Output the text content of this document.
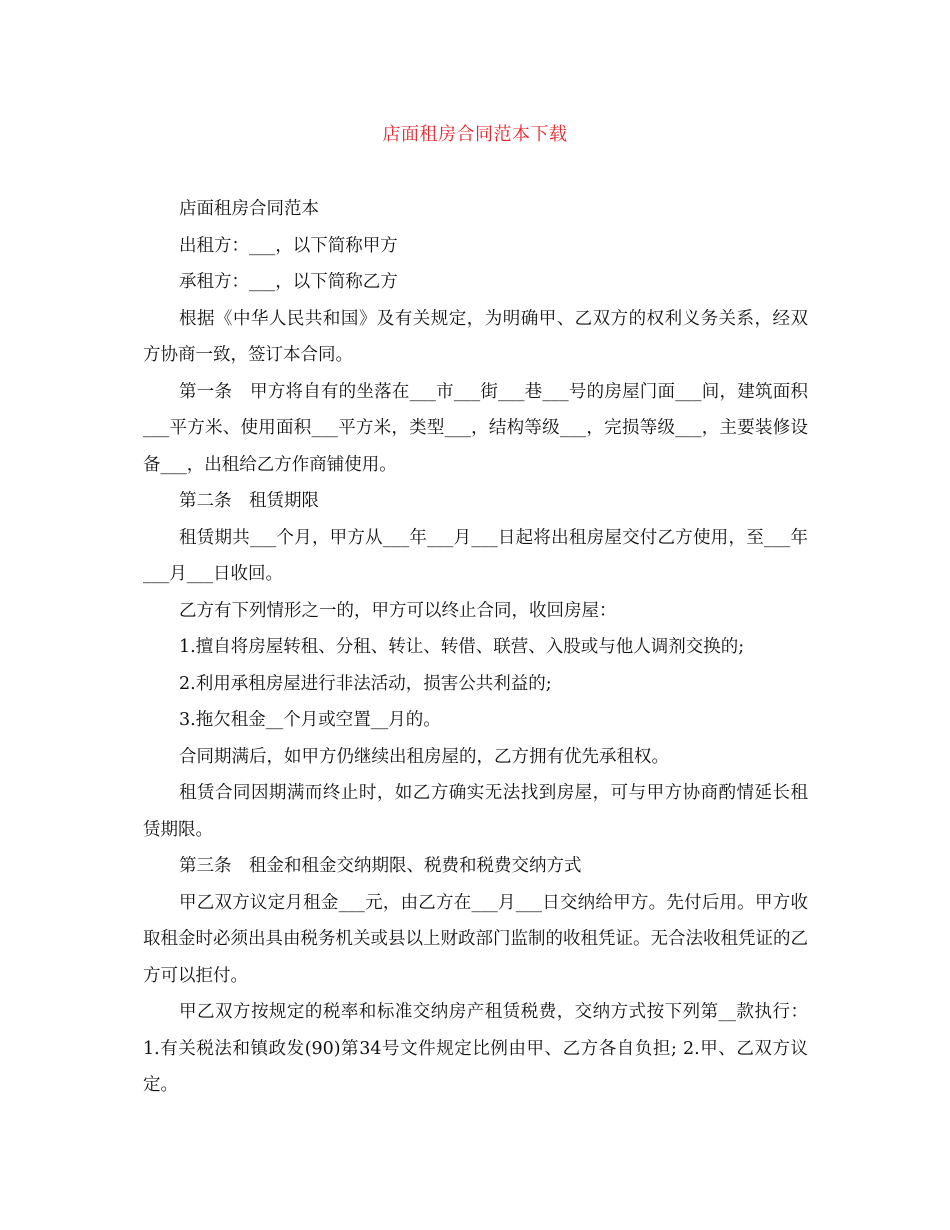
店面租房合同范本下载

店面租房合同范本

出租方：___，以下简称甲方

承租方：___，以下简称乙方

根据《中华人民共和国》及有关规定，为明确甲、乙双方的权利义务关系，经双方协商一致，签订本合同。

第一条　甲方将自有的坐落在___市___街___巷___号的房屋门面___间，建筑面积___平方米、使用面积___平方米，类型___，结构等级___，完损等级___，主要装修设备___，出租给乙方作商铺使用。

第二条　租赁期限

租赁期共___个月，甲方从___年___月___日起将出租房屋交付乙方使用，至___年___月___日收回。

乙方有下列情形之一的，甲方可以终止合同，收回房屋：

1.擅自将房屋转租、分租、转让、转借、联营、入股或与他人调剂交换的;

2.利用承租房屋进行非法活动，损害公共利益的;

3.拖欠租金__个月或空置__月的。

合同期满后，如甲方仍继续出租房屋的，乙方拥有优先承租权。

租赁合同因期满而终止时，如乙方确实无法找到房屋，可与甲方协商酌情延长租赁期限。

第三条　租金和租金交纳期限、税费和税费交纳方式

甲乙双方议定月租金___元，由乙方在___月___日交纳给甲方。先付后用。甲方收取租金时必须出具由税务机关或县以上财政部门监制的收租凭证。无合法收租凭证的乙方可以拒付。

甲乙双方按规定的税率和标准交纳房产租赁税费，交纳方式按下列第__款执行： 1.有关税法和镇政发(90)第34号文件规定比例由甲、乙方各自负担; 2.甲、乙双方议定。
